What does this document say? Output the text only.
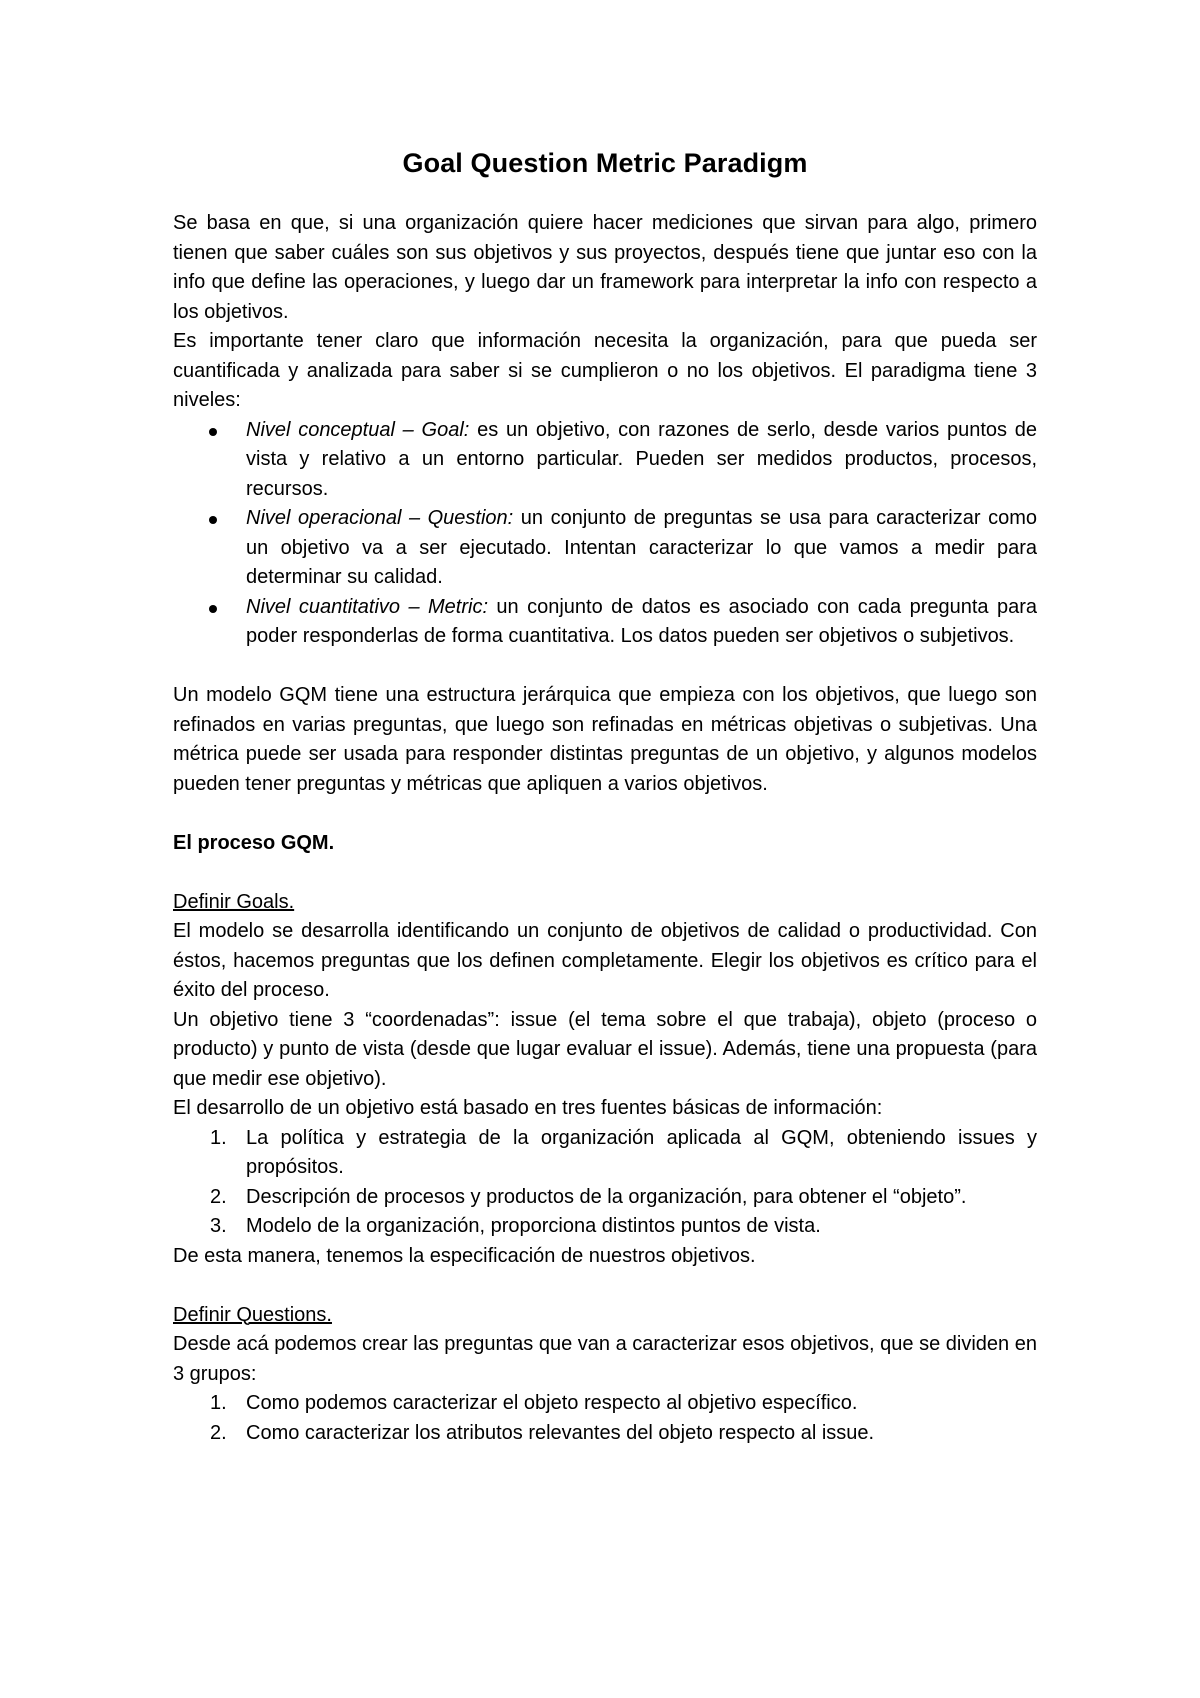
Goal Question Metric Paradigm

Se basa en que, si una organización quiere hacer mediciones que sirvan para algo, primero tienen que saber cuáles son sus objetivos y sus proyectos, después tiene que juntar eso con la info que define las operaciones, y luego dar un framework para interpretar la info con respecto a los objetivos.

Es importante tener claro que información necesita la organización, para que pueda ser cuantificada y analizada para saber si se cumplieron o no los objetivos. El paradigma tiene 3 niveles:

Nivel conceptual – Goal: es un objetivo, con razones de serlo, desde varios puntos de vista y relativo a un entorno particular. Pueden ser medidos productos, procesos, recursos.
Nivel operacional – Question: un conjunto de preguntas se usa para caracterizar como un objetivo va a ser ejecutado. Intentan caracterizar lo que vamos a medir para determinar su calidad.
Nivel cuantitativo – Metric: un conjunto de datos es asociado con cada pregunta para poder responderlas de forma cuantitativa. Los datos pueden ser objetivos o subjetivos.

Un modelo GQM tiene una estructura jerárquica que empieza con los objetivos, que luego son refinados en varias preguntas, que luego son refinadas en métricas objetivas o subjetivas. Una métrica puede ser usada para responder distintas preguntas de un objetivo, y algunos modelos pueden tener preguntas y métricas que apliquen a varios objetivos.

El proceso GQM.

Definir Goals.

El modelo se desarrolla identificando un conjunto de objetivos de calidad o productividad. Con éstos, hacemos preguntas que los definen completamente. Elegir los objetivos es crítico para el éxito del proceso.

Un objetivo tiene 3 “coordenadas”: issue (el tema sobre el que trabaja), objeto (proceso o producto) y punto de vista (desde que lugar evaluar el issue). Además, tiene una propuesta (para que medir ese objetivo).

El desarrollo de un objetivo está basado en tres fuentes básicas de información:

1. La política y estrategia de la organización aplicada al GQM, obteniendo issues y propósitos.
2. Descripción de procesos y productos de la organización, para obtener el “objeto”.
3. Modelo de la organización, proporciona distintos puntos de vista.

De esta manera, tenemos la especificación de nuestros objetivos.

Definir Questions.

Desde acá podemos crear las preguntas que van a caracterizar esos objetivos, que se dividen en 3 grupos:

1. Como podemos caracterizar el objeto respecto al objetivo específico.
2. Como caracterizar los atributos relevantes del objeto respecto al issue.
